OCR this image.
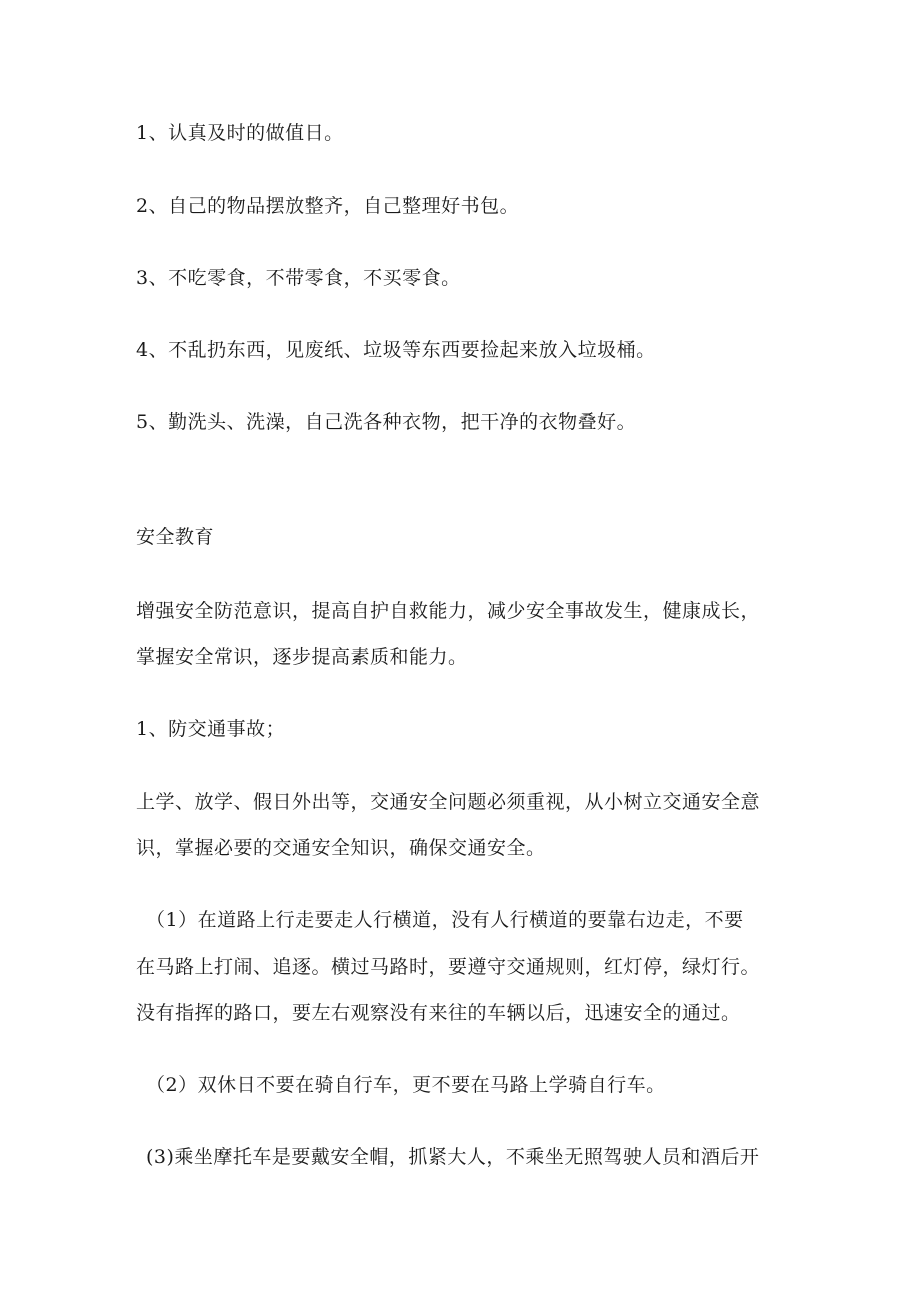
1、认真及时的做值日。
2、自己的物品摆放整齐，自己整理好书包。
3、不吃零食，不带零食，不买零食。
4、不乱扔东西，见废纸、垃圾等东西要捡起来放入垃圾桶。
5、勤洗头、洗澡，自己洗各种衣物，把干净的衣物叠好。
安全教育
增强安全防范意识，提高自护自救能力，减少安全事故发生，健康成长，
掌握安全常识，逐步提高素质和能力。
1、防交通事故；
上学、放学、假日外出等，交通安全问题必须重视，从小树立交通安全意
识，掌握必要的交通安全知识，确保交通安全。
（1）在道路上行走要走人行横道，没有人行横道的要靠右边走，不要
在马路上打闹、追逐。横过马路时，要遵守交通规则，红灯停，绿灯行。
没有指挥的路口，要左右观察没有来往的车辆以后，迅速安全的通过。
（2）双休日不要在骑自行车，更不要在马路上学骑自行车。
(3)乘坐摩托车是要戴安全帽，抓紧大人，不乘坐无照驾驶人员和酒后开
